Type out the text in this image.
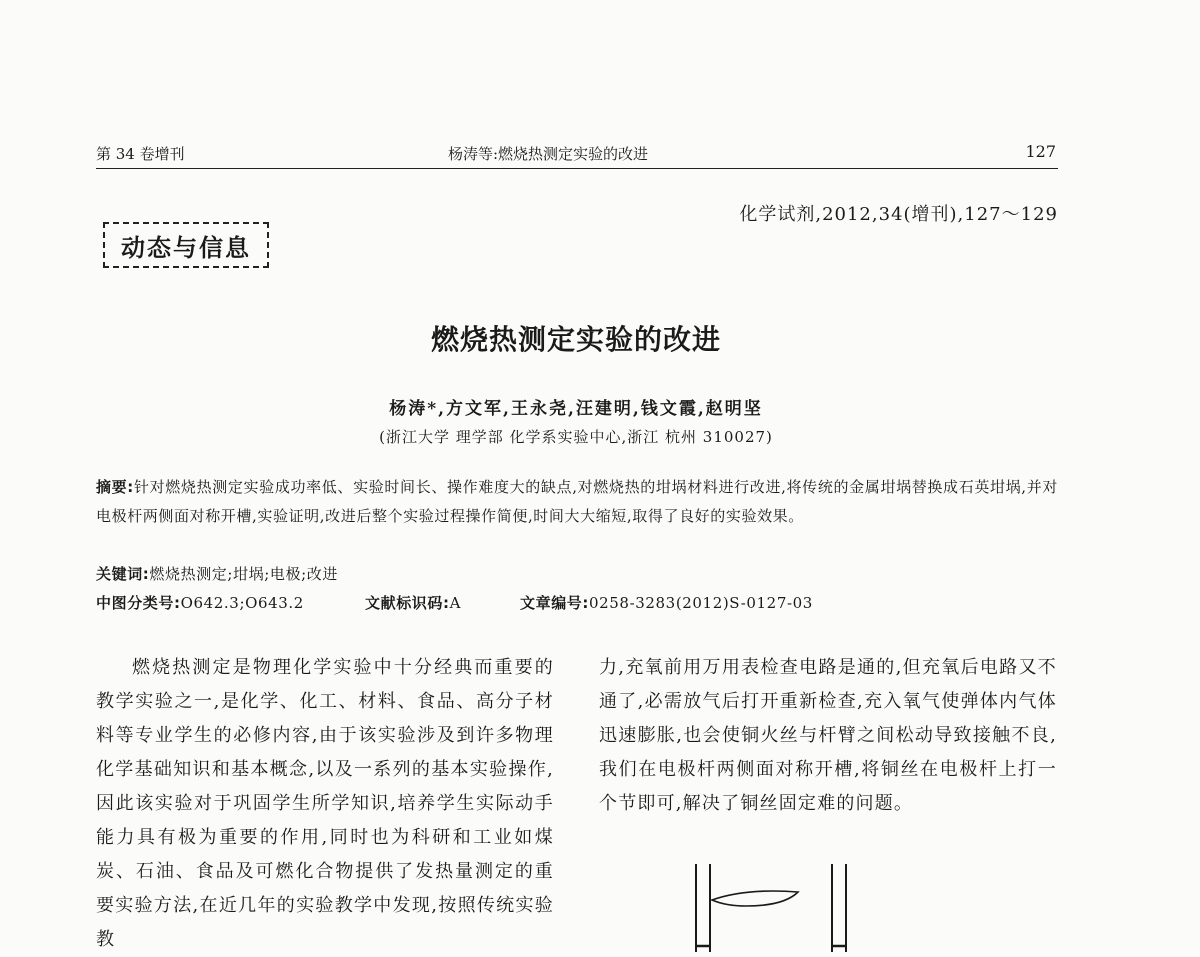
第 34 卷增刊	杨涛等:燃烧热测定实验的改进	127
化学试剂,2012,34(增刊),127～129
动态与信息
燃烧热测定实验的改进
杨涛*,方文军,王永尧,汪建明,钱文霞,赵明坚
(浙江大学 理学部 化学系实验中心,浙江 杭州 310027)
摘要:针对燃烧热测定实验成功率低、实验时间长、操作难度大的缺点,对燃烧热的坩埚材料进行改进,将传统的金属坩埚替换成石英坩埚,并对电极杆两侧面对称开槽,实验证明,改进后整个实验过程操作简便,时间大大缩短,取得了良好的实验效果。
关键词:燃烧热测定;坩埚;电极;改进
中图分类号:O642.3;O643.2	文献标识码:A	文章编号:0258-3283(2012)S-0127-03

燃烧热测定是物理化学实验中十分经典而重要的教学实验之一,是化学、化工、材料、食品、高分子材料等专业学生的必修内容,由于该实验涉及到许多物理化学基础知识和基本概念,以及一系列的基本实验操作,因此该实验对于巩固学生所学知识,培养学生实际动手能力具有极为重要的作用,同时也为科研和工业如煤炭、石油、食品及可燃化合物提供了发热量测定的重要实验方法,在近几年的实验教学中发现,按照传统实验教

力,充氧前用万用表检查电路是通的,但充氧后电路又不通了,必需放气后打开重新检查,充入氧气使弹体内气体迅速膨胀,也会使铜火丝与杆臂之间松动导致接触不良,我们在电极杆两侧面对称开槽,将铜丝在电极杆上打一个节即可,解决了铜丝固定难的问题。
